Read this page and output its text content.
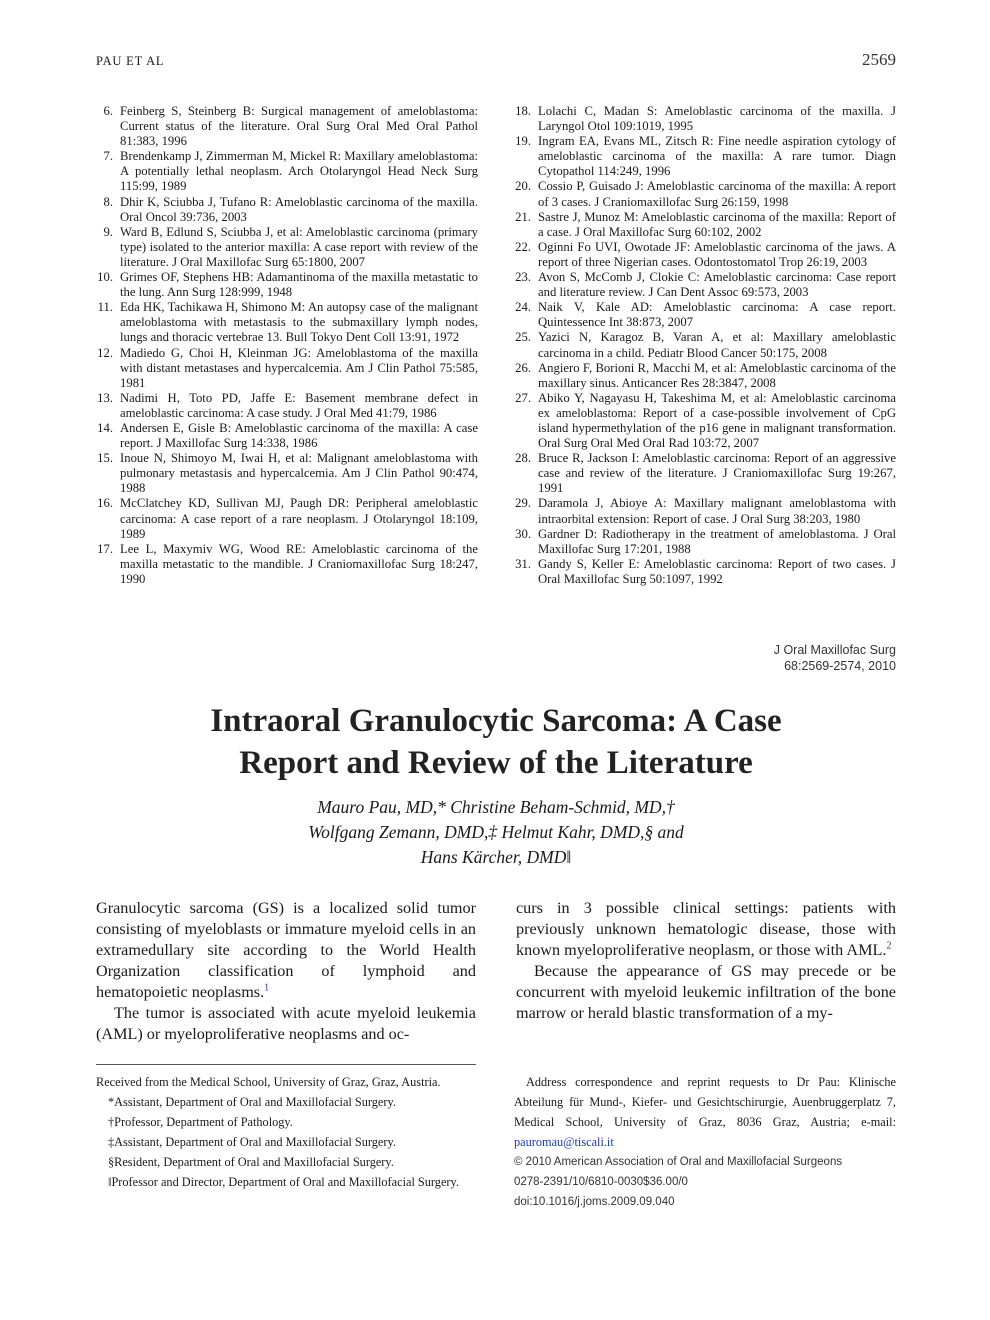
PAU ET AL	2569

6. Feinberg S, Steinberg B: Surgical management of ameloblastoma: Current status of the literature. Oral Surg Oral Med Oral Pathol 81:383, 1996

7. Brendenkamp J, Zimmerman M, Mickel R: Maxillary ameloblastoma: A potentially lethal neoplasm. Arch Otolaryngol Head Neck Surg 115:99, 1989

8. Dhir K, Sciubba J, Tufano R: Ameloblastic carcinoma of the maxilla. Oral Oncol 39:736, 2003

9. Ward B, Edlund S, Sciubba J, et al: Ameloblastic carcinoma (primary type) isolated to the anterior maxilla: A case report with review of the literature. J Oral Maxillofac Surg 65:1800, 2007

10. Grimes OF, Stephens HB: Adamantinoma of the maxilla metastatic to the lung. Ann Surg 128:999, 1948

11. Eda HK, Tachikawa H, Shimono M: An autopsy case of the malignant ameloblastoma with metastasis to the submaxillary lymph nodes, lungs and thoracic vertebrae 13. Bull Tokyo Dent Coll 13:91, 1972

12. Madiedo G, Choi H, Kleinman JG: Ameloblastoma of the maxilla with distant metastases and hypercalcemia. Am J Clin Pathol 75:585, 1981

13. Nadimi H, Toto PD, Jaffe E: Basement membrane defect in ameloblastic carcinoma: A case study. J Oral Med 41:79, 1986

14. Andersen E, Gisle B: Ameloblastic carcinoma of the maxilla: A case report. J Maxillofac Surg 14:338, 1986

15. Inoue N, Shimoyo M, Iwai H, et al: Malignant ameloblastoma with pulmonary metastasis and hypercalcemia. Am J Clin Pathol 90:474, 1988

16. McClatchey KD, Sullivan MJ, Paugh DR: Peripheral ameloblastic carcinoma: A case report of a rare neoplasm. J Otolaryngol 18:109, 1989

17. Lee L, Maxymiv WG, Wood RE: Ameloblastic carcinoma of the maxilla metastatic to the mandible. J Craniomaxillofac Surg 18:247, 1990

18. Lolachi C, Madan S: Ameloblastic carcinoma of the maxilla. J Laryngol Otol 109:1019, 1995

19. Ingram EA, Evans ML, Zitsch R: Fine needle aspiration cytology of ameloblastic carcinoma of the maxilla: A rare tumor. Diagn Cytopathol 114:249, 1996

20. Cossio P, Guisado J: Ameloblastic carcinoma of the maxilla: A report of 3 cases. J Craniomaxillofac Surg 26:159, 1998

21. Sastre J, Munoz M: Ameloblastic carcinoma of the maxilla: Report of a case. J Oral Maxillofac Surg 60:102, 2002

22. Oginni Fo UVI, Owotade JF: Ameloblastic carcinoma of the jaws. A report of three Nigerian cases. Odontostomatol Trop 26:19, 2003

23. Avon S, McComb J, Clokie C: Ameloblastic carcinoma: Case report and literature review. J Can Dent Assoc 69:573, 2003

24. Naik V, Kale AD: Ameloblastic carcinoma: A case report. Quintessence Int 38:873, 2007

25. Yazici N, Karagoz B, Varan A, et al: Maxillary ameloblastic carcinoma in a child. Pediatr Blood Cancer 50:175, 2008

26. Angiero F, Borioni R, Macchi M, et al: Ameloblastic carcinoma of the maxillary sinus. Anticancer Res 28:3847, 2008

27. Abiko Y, Nagayasu H, Takeshima M, et al: Ameloblastic carcinoma ex ameloblastoma: Report of a case-possible involvement of CpG island hypermethylation of the p16 gene in malignant transformation. Oral Surg Oral Med Oral Rad 103:72, 2007

28. Bruce R, Jackson I: Ameloblastic carcinoma: Report of an aggressive case and review of the literature. J Craniomaxillofac Surg 19:267, 1991

29. Daramola J, Abioye A: Maxillary malignant ameloblastoma with intraorbital extension: Report of case. J Oral Surg 38:203, 1980

30. Gardner D: Radiotherapy in the treatment of ameloblastoma. J Oral Maxillofac Surg 17:201, 1988

31. Gandy S, Keller E: Ameloblastic carcinoma: Report of two cases. J Oral Maxillofac Surg 50:1097, 1992

J Oral Maxillofac Surg
68:2569-2574, 2010
Intraoral Granulocytic Sarcoma: A Case
Report and Review of the Literature
Mauro Pau, MD,* Christine Beham-Schmid, MD,†
Wolfgang Zemann, DMD,‡ Helmut Kahr, DMD,§ and
Hans Kärcher, DMD‖

Granulocytic sarcoma (GS) is a localized solid tumor consisting of myeloblasts or immature myeloid cells in an extramedullary site according to the World Health Organization classification of lymphoid and hematopoietic neoplasms.$^1$

The tumor is associated with acute myeloid leukemia (AML) or myeloproliferative neoplasms and oc-

curs in 3 possible clinical settings: patients with previously unknown hematologic disease, those with known myeloproliferative neoplasm, or those with AML.$^2$

Because the appearance of GS may precede or be concurrent with myeloid leukemic infiltration of the bone marrow or herald blastic transformation of a my-

Received from the Medical School, University of Graz, Graz, Austria.

*Assistant, Department of Oral and Maxillofacial Surgery.

†Professor, Department of Pathology.

‡Assistant, Department of Oral and Maxillofacial Surgery.

§Resident, Department of Oral and Maxillofacial Surgery.

‖Professor and Director, Department of Oral and Maxillofacial Surgery.

Address correspondence and reprint requests to Dr Pau: Klinische Abteilung für Mund-, Kiefer- und Gesichtschirurgie, Auenbruggerplatz 7, Medical School, University of Graz, 8036 Graz, Austria; e-mail: pauromau@tiscali.it

© 2010 American Association of Oral and Maxillofacial Surgeons

0278-2391/10/6810-0030$36.00/0

doi:10.1016/j.joms.2009.09.040
